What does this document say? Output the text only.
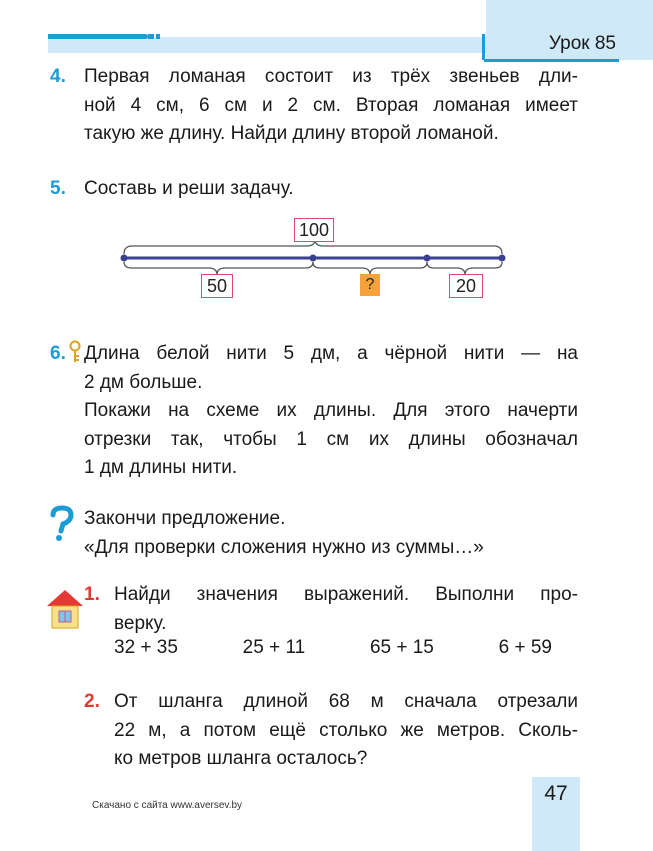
Урок 85
4. Первая ломаная состоит из трёх звеньев дли-
ной 4 см, 6 см и 2 см. Вторая ломаная имеет
такую же длину. Найди длину второй ломаной.
5. Составь и реши задачу.
100
50	?	20
6. Длина белой нити 5 дм, а чёрной нити — на
2 дм больше.
Покажи на схеме их длины. Для этого начерти
отрезки так, чтобы 1 см их длины обозначал
1 дм длины нити.
Закончи предложение.
«Для проверки сложения нужно из суммы…»
1. Найди значения выражений. Выполни про-
верку.
32 + 35	25 + 11	65 + 15	6 + 59
2. От шланга длиной 68 м сначала отрезали
22 м, а потом ещё столько же метров. Сколь-
ко метров шланга осталось?
47
Скачано с сайта www.aversev.by
